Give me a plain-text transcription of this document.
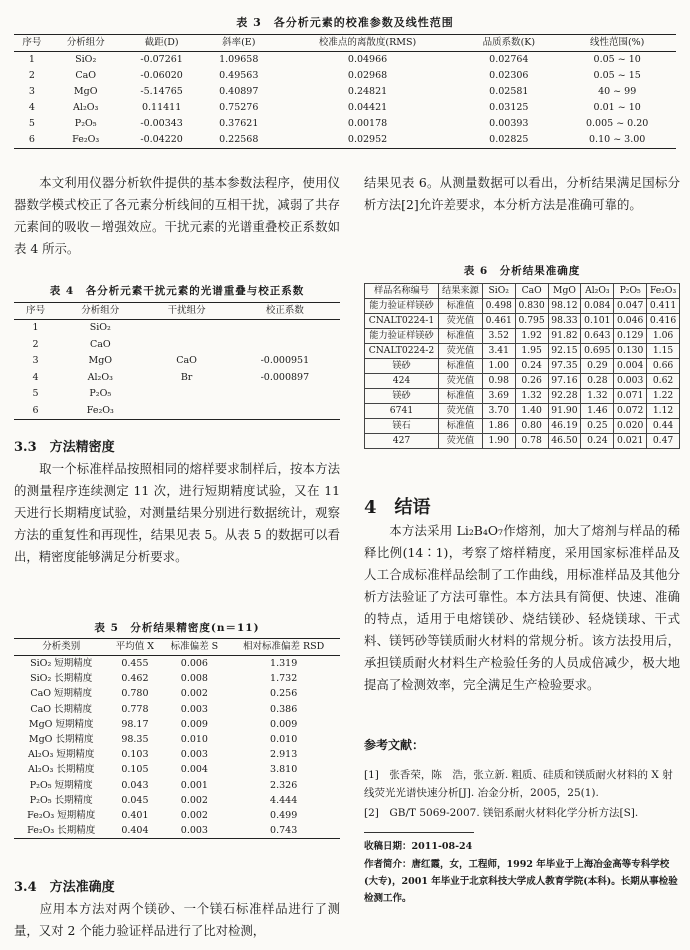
表 3　各分析元素的校准参数及线性范围
序号	分析组分	截距(D)	斜率(E)	校准点的离散度(RMS)	品质系数(K)	线性范围(%)
1	SiO₂	-0.07261	1.09658	0.04966	0.02764	0.05 ~ 10
2	CaO	-0.06020	0.49563	0.02968	0.02306	0.05 ~ 15
3	MgO	-5.14765	0.40897	0.24821	0.02581	40 ~ 99
4	Al₂O₃	0.11411	0.75276	0.04421	0.03125	0.01 ~ 10
5	P₂O₅	-0.00343	0.37621	0.00178	0.00393	0.005 ~ 0.20
6	Fe₂O₃	-0.04220	0.22568	0.02952	0.02825	0.10 ~ 3.00
本文利用仪器分析软件提供的基本参数法程序，使用仪器数学模式校正了各元素分析线间的互相干扰，减弱了共存元素间的吸收－增强效应。干扰元素的光谱重叠校正系数如表 4 所示。
表 4　各分析元素干扰元素的光谱重叠与校正系数
序号	分析组分	干扰组分	校正系数
1	SiO₂		
2	CaO		
3	MgO	CaO	-0.000951
4	Al₂O₃	Br	-0.000897
5	P₂O₅		
6	Fe₂O₃		
3.3　方法精密度
取一个标准样品按照相同的熔样要求制样后，按本方法的测量程序连续测定 11 次，进行短期精度试验，又在 11 天进行长期精度试验，对测量结果分别进行数据统计，观察方法的重复性和再现性，结果见表 5。从表 5 的数据可以看出，精密度能够满足分析要求。
表 5　分析结果精密度(n＝11)
分析类别	平均值 X	标准偏差 S	相对标准偏差 RSD
SiO₂ 短期精度	0.455	0.006	1.319
SiO₂ 长期精度	0.462	0.008	1.732
CaO 短期精度	0.780	0.002	0.256
CaO 长期精度	0.778	0.003	0.386
MgO 短期精度	98.17	0.009	0.009
MgO 长期精度	98.35	0.010	0.010
Al₂O₃ 短期精度	0.103	0.003	2.913
Al₂O₃ 长期精度	0.105	0.004	3.810
P₂O₅ 短期精度	0.043	0.001	2.326
P₂O₅ 长期精度	0.045	0.002	4.444
Fe₂O₃ 短期精度	0.401	0.002	0.499
Fe₂O₃ 长期精度	0.404	0.003	0.743
3.4　方法准确度
应用本方法对两个镁砂、一个镁石标准样品进行了测量，又对 2 个能力验证样品进行了比对检测，
结果见表 6。从测量数据可以看出，分析结果满足国标分析方法[2]允许差要求，本分析方法是准确可靠的。
表 6　分析结果准确度
样品名称编号	结果来源	SiO₂	CaO	MgO	Al₂O₃	P₂O₅	Fe₂O₃
能力验证样镁砂	标准值	0.498	0.830	98.12	0.084	0.047	0.411
CNALT0224-1	荧光值	0.461	0.795	98.33	0.101	0.046	0.416
能力验证样镁砂	标准值	3.52	1.92	91.82	0.643	0.129	1.06
CNALT0224-2	荧光值	3.41	1.95	92.15	0.695	0.130	1.15
镁砂	标准值	1.00	0.24	97.35	0.29	0.004	0.66
424	荧光值	0.98	0.26	97.16	0.28	0.003	0.62
镁砂	标准值	3.69	1.32	92.28	1.32	0.071	1.22
6741	荧光值	3.70	1.40	91.90	1.46	0.072	1.12
镁石	标准值	1.86	0.80	46.19	0.25	0.020	0.44
427	荧光值	1.90	0.78	46.50	0.24	0.021	0.47
4　结语
本方法采用 Li₂B₄O₇作熔剂，加大了熔剂与样品的稀释比例(14∶1)，考察了熔样精度，采用国家标准样品及人工合成标准样品绘制了工作曲线，用标准样品及其他分析方法验证了方法可靠性。本方法具有简便、快速、准确的特点，适用于电熔镁砂、烧结镁砂、轻烧镁球、干式料、镁钙砂等镁质耐火材料的常规分析。该方法投用后，承担镁质耐火材料生产检验任务的人员成倍减少，极大地提高了检测效率，完全满足生产检验要求。
参考文献：
[1]　张香荣，陈　浩，张立新. 粗质、硅质和镁质耐火材料的 X 射线荧光光谱快速分析[J]. 冶金分析，2005，25(1).
[2]　GB/T 5069-2007. 镁铝系耐火材料化学分析方法[S].
收稿日期：2011-08-24
作者简介：唐红霞，女，工程师，1992 年毕业于上海冶金高等专科学校(大专)，2001 年毕业于北京科技大学成人教育学院(本科)。长期从事检验检测工作。
